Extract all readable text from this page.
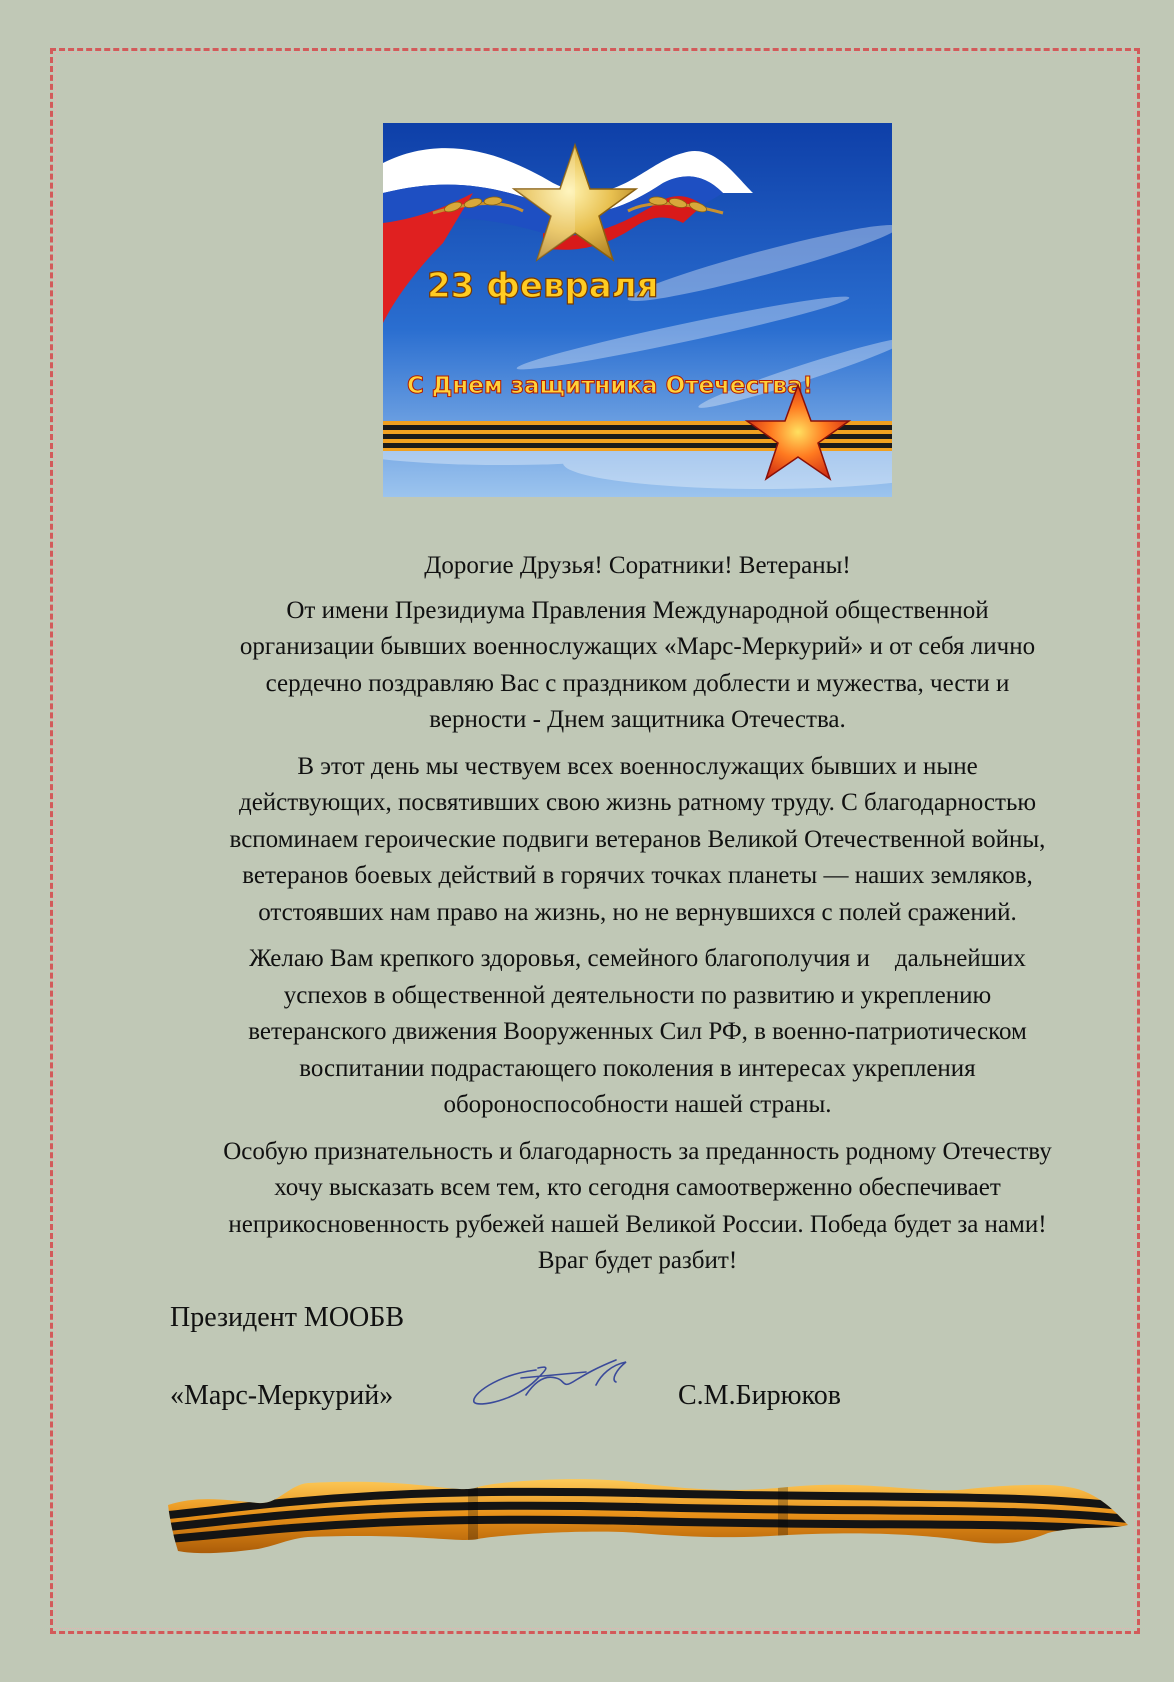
23 февраля
С Днем защитника Отечества!

Дорогие Друзья! Соратники! Ветераны!

От имени Президиума Правления Международной общественной
организации бывших военнослужащих «Марс-Меркурий» и от себя лично
сердечно поздравляю Вас с праздником доблести и мужества, чести и
верности - Днем защитника Отечества.

В этот день мы чествуем всех военнослужащих бывших и ныне
действующих, посвятивших свою жизнь ратному труду. С благодарностью
вспоминаем героические подвиги ветеранов Великой Отечественной войны,
ветеранов боевых действий в горячих точках планеты — наших земляков,
отстоявших нам право на жизнь, но не вернувшихся с полей сражений.

Желаю Вам крепкого здоровья, семейного благополучия и    дальнейших
успехов в общественной деятельности по развитию и укреплению
ветеранского движения Вооруженных Сил РФ, в военно-патриотическом
воспитании подрастающего поколения в интересах укрепления
обороноспособности нашей страны.

Особую признательность и благодарность за преданность родному Отечеству
хочу высказать всем тем, кто сегодня самоотверженно обеспечивает
неприкосновенность рубежей нашей Великой России. Победа будет за нами!
Враг будет разбит!

Президент МООБВ
«Марс-Меркурий»	С.М.Бирюков
